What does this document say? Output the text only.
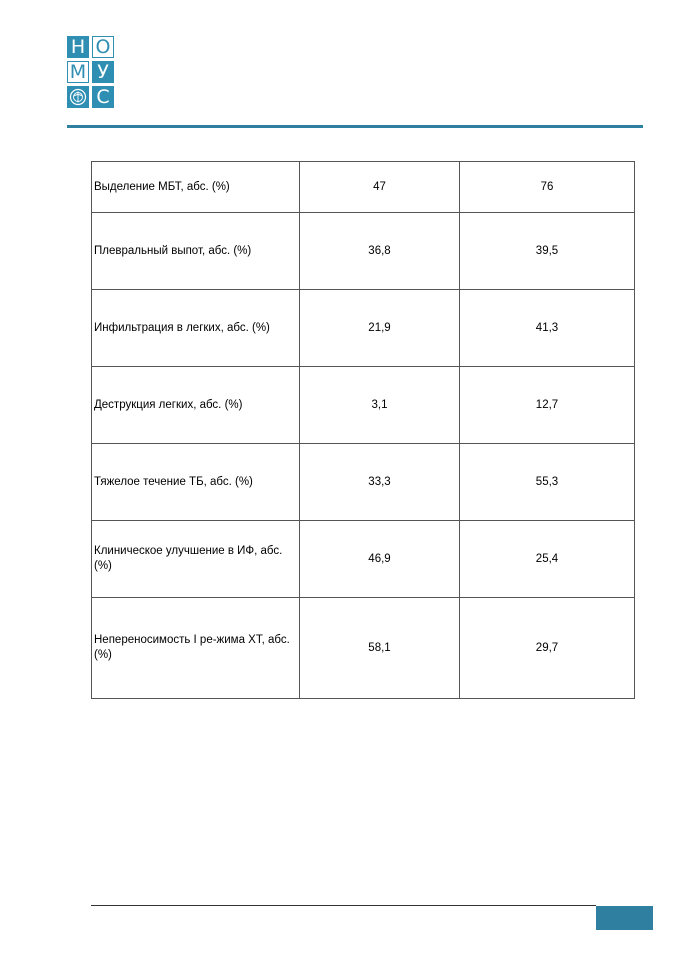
Н О
М У
С
Выделение МБТ, абс. (%)	47	76
Плевральный выпот, абс. (%)	36,8	39,5
Инфильтрация в легких, абс. (%)	21,9	41,3
Деструкция легких, абс. (%)	3,1	12,7
Тяжелое течение ТБ, абс. (%)	33,3	55,3
Клиническое улучшение в ИФ, абс. (%)	46,9	25,4
Непереносимость I ре-жима ХТ, абс. (%)	58,1	29,7
